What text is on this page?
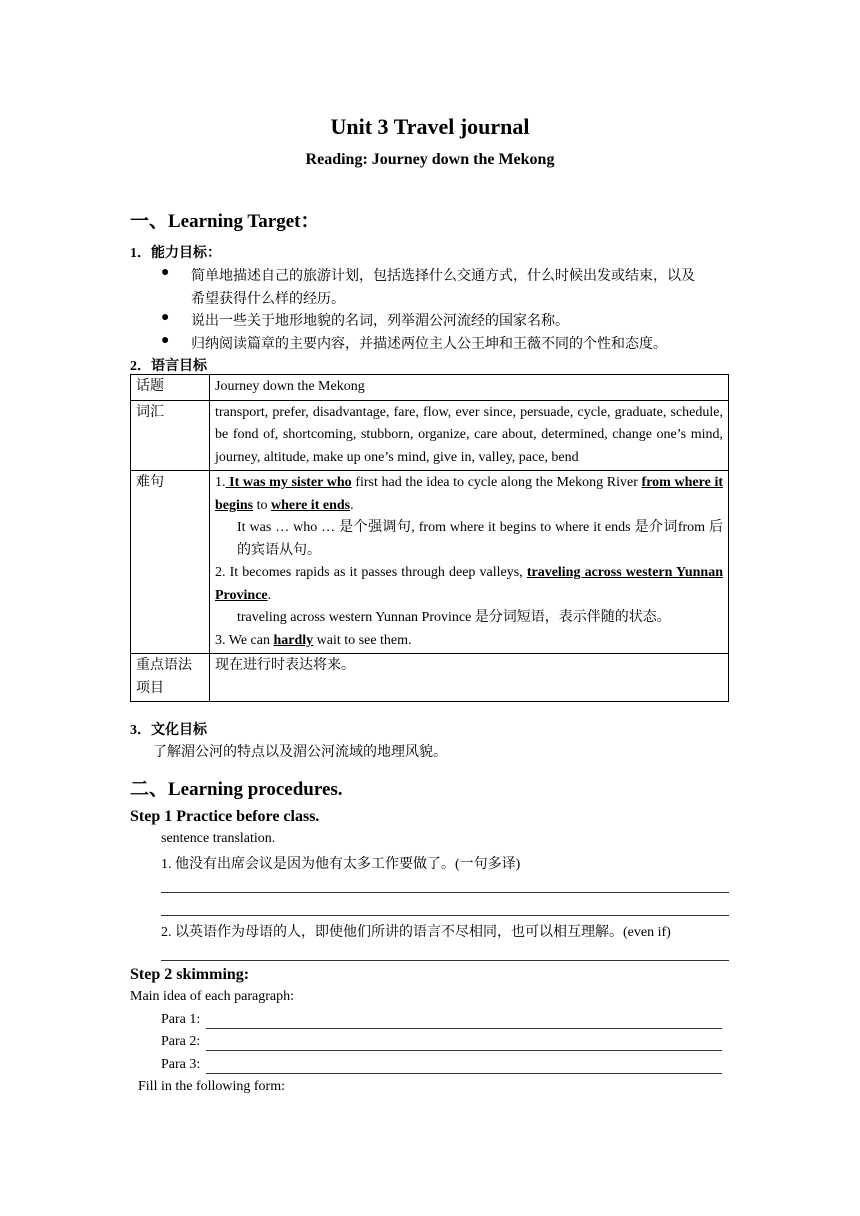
Unit 3 Travel journal
Reading: Journey down the Mekong
一、Learning Target：
1．能力目标：
● 简单地描述自己的旅游计划，包括选择什么交通方式，什么时候出发或结束，以及
希望获得什么样的经历。
● 说出一些关于地形地貌的名词，列举湄公河流经的国家名称。
● 归纳阅读篇章的主要内容，并描述两位主人公王坤和王薇不同的个性和态度。
2．语言目标
话题	Journey down the Mekong
词汇	transport, prefer, disadvantage, fare, flow, ever since, persuade, cycle, graduate, schedule, be fond of, shortcoming, stubborn, organize, care about, determined, change one’s mind, journey, altitude, make up one’s mind, give in, valley, pace, bend
难句	1. It was my sister who first had the idea to cycle along the Mekong River from where it begins to where it ends.
It was … who … 是个强调句, from where it begins to where it ends 是介词from 后的宾语从句。
2. It becomes rapids as it passes through deep valleys, traveling across western Yunnan Province.
traveling across western Yunnan Province 是分词短语，表示伴随的状态。
3. We can hardly wait to see them.

重点语法项目	现在进行时表达将来。
3．文化目标
了解湄公河的特点以及湄公河流域的地理风貌。
二、Learning procedures.
Step 1 Practice before class.
sentence translation.
1. 他没有出席会议是因为他有太多工作要做了。(一句多译)
2. 以英语作为母语的人，即使他们所讲的语言不尽相同，也可以相互理解。(even if)
Step 2 skimming:
Main idea of each paragraph:
Para 1:
Para 2:
Para 3:
Fill in the following form:
